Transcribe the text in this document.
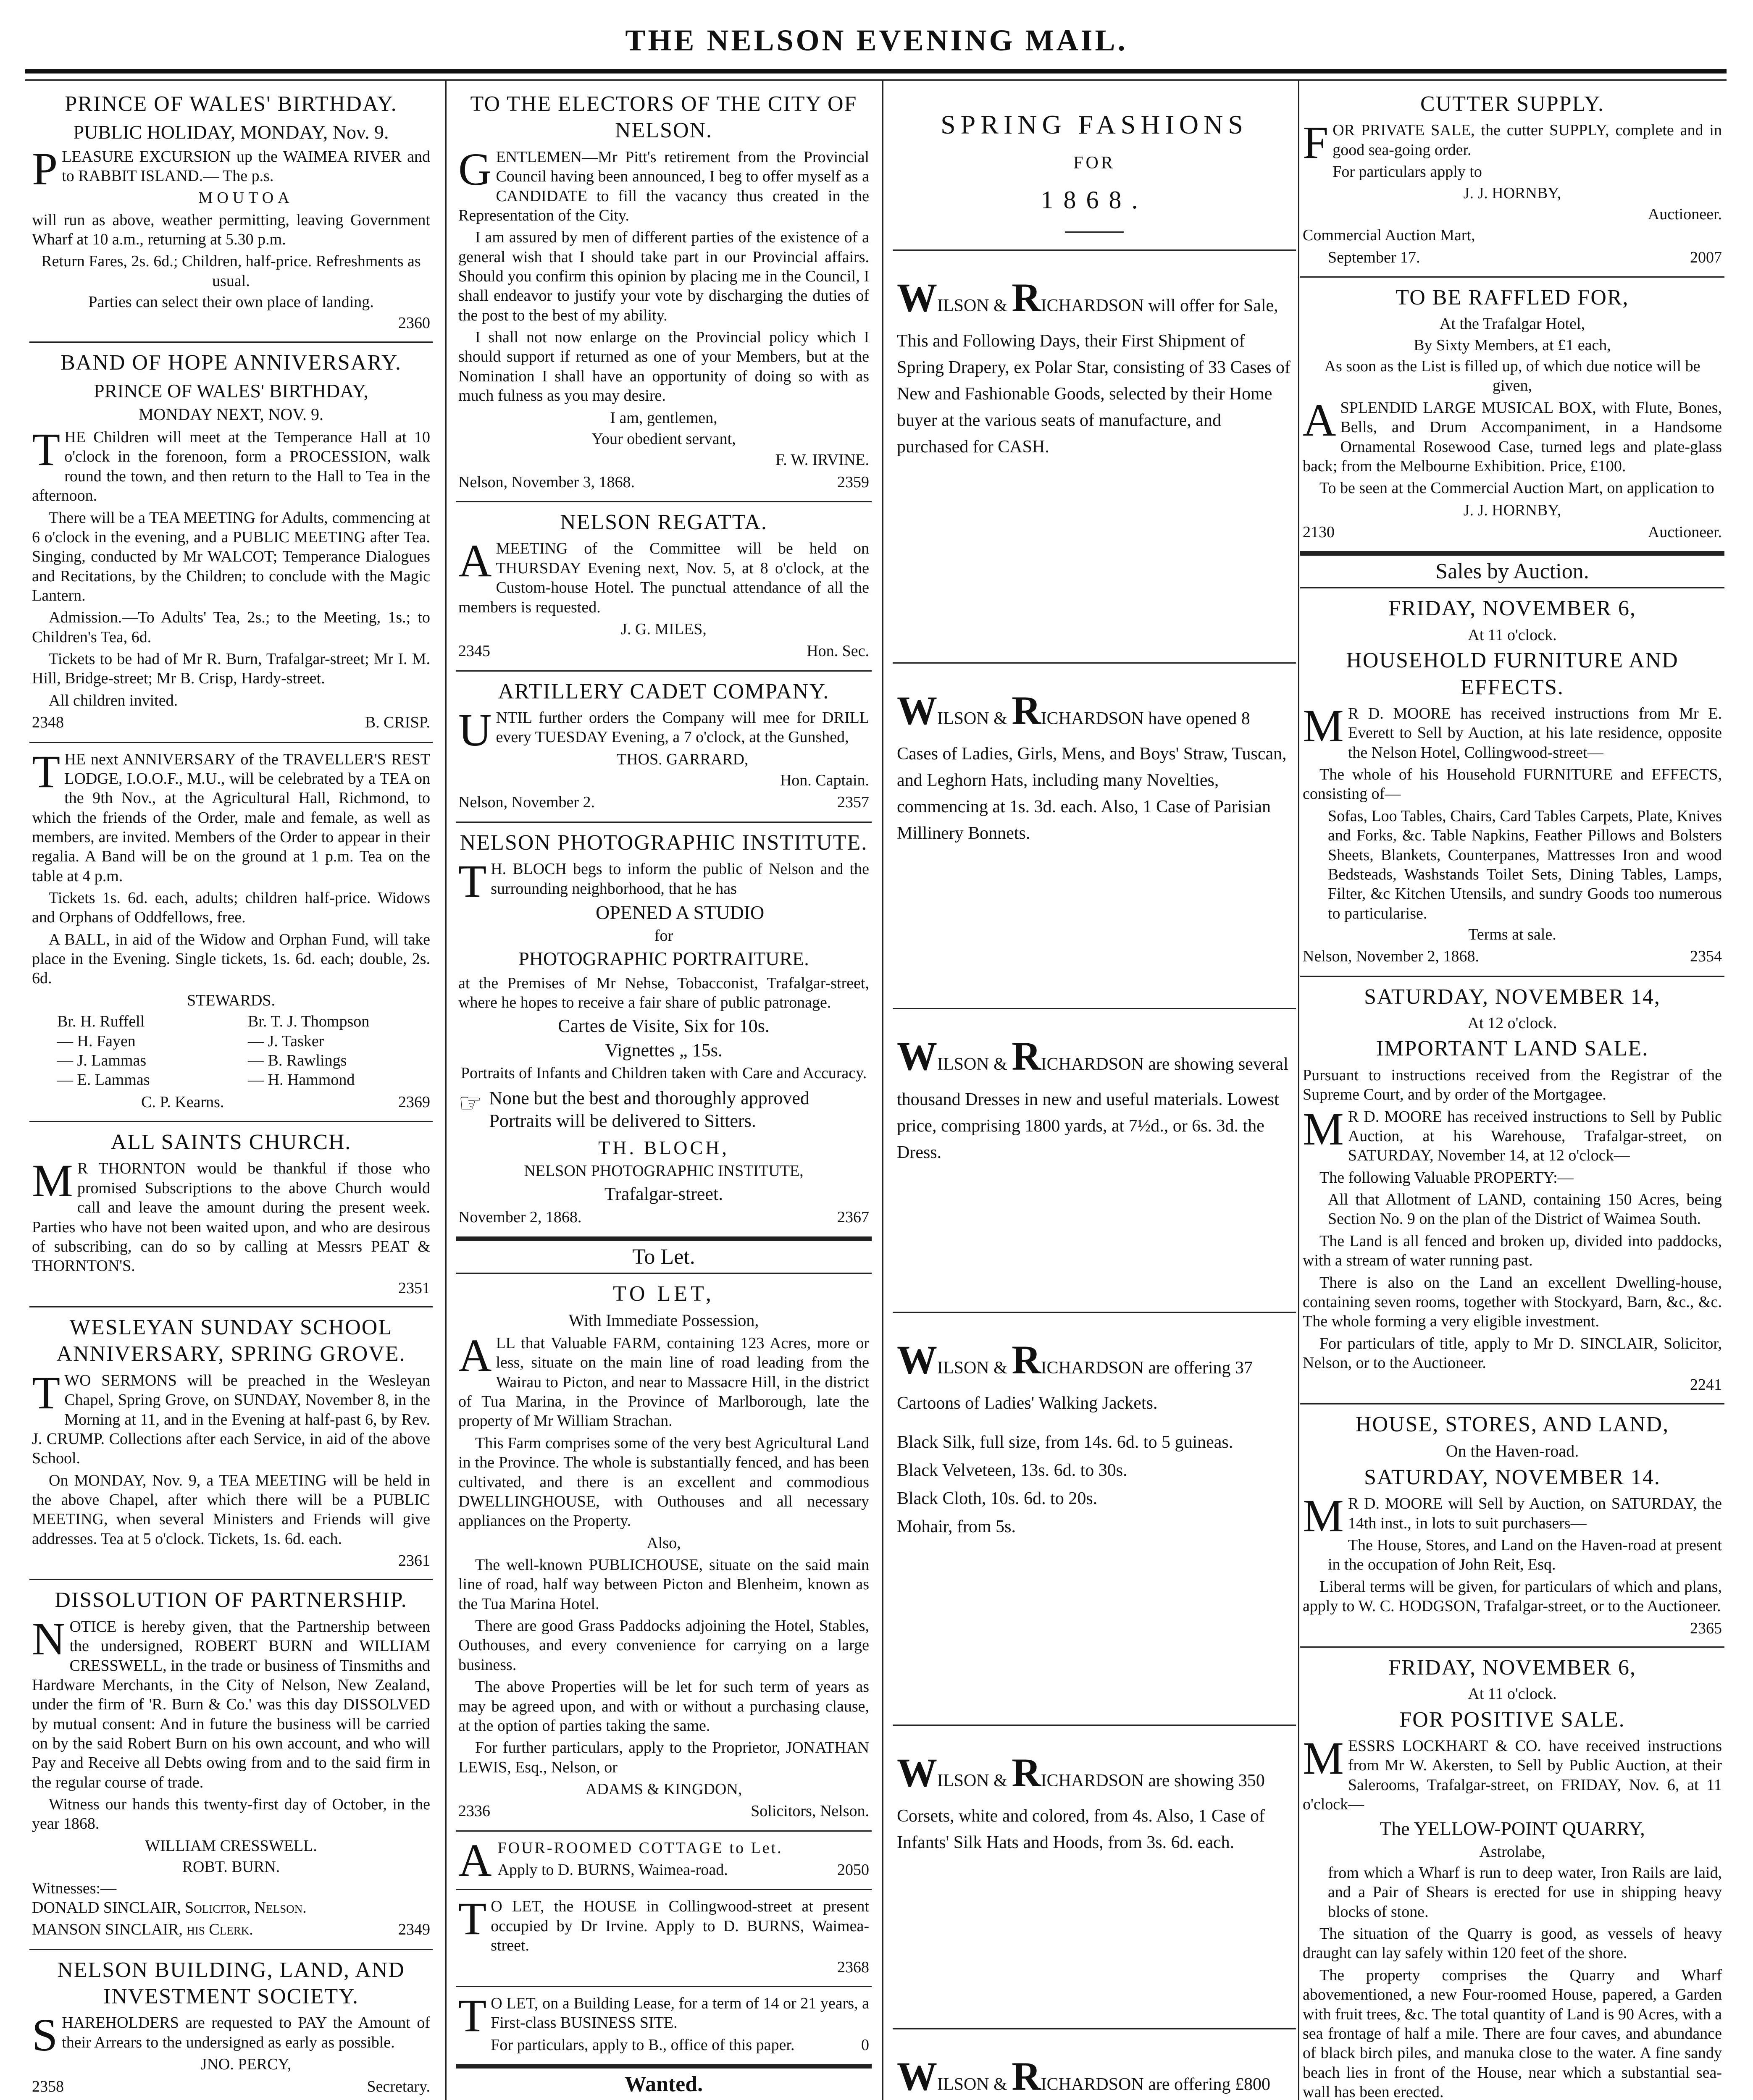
THE NELSON EVENING MAIL.
PRINCE OF WALES' BIRTHDAY.
PUBLIC HOLIDAY, MONDAY, Nov. 9.
PLEASURE EXCURSION up the WAIMEA RIVER and to RABBIT ISLAND.— The p.s.
MOUTOA
will run as above, weather permitting, leaving Government Wharf at 10 a.m., returning at 5.30 p.m.
Return Fares, 2s. 6d.; Children, half-price. Refreshments as usual.
Parties can select their own place of landing.
2360
BAND OF HOPE ANNIVERSARY.
PRINCE OF WALES' BIRTHDAY,
MONDAY NEXT, NOV. 9.
THE Children will meet at the Temperance Hall at 10 o'clock in the forenoon, form a PROCESSION, walk round the town, and then return to the Hall to Tea in the afternoon.
There will be a TEA MEETING for Adults, commencing at 6 o'clock in the evening, and a PUBLIC MEETING after Tea. Singing, conducted by Mr WALCOT; Temperance Dialogues and Recitations, by the Children; to conclude with the Magic Lantern.
Admission.—To Adults' Tea, 2s.; to the Meeting, 1s.; to Children's Tea, 6d.
Tickets to be had of Mr R. Burn, Trafalgar-street; Mr I. M. Hill, Bridge-street; Mr B. Crisp, Hardy-street.
All children invited.
2348	B. CRISP.
THE next ANNIVERSARY of the TRAVELLER'S REST LODGE, I.O.O.F., M.U., will be celebrated by a TEA on the 9th Nov., at the Agricultural Hall, Richmond, to which the friends of the Order, male and female, as well as members, are invited. Members of the Order to appear in their regalia. A Band will be on the ground at 1 p.m. Tea on the table at 4 p.m.
Tickets 1s. 6d. each, adults; children half-price. Widows and Orphans of Oddfellows, free.
A BALL, in aid of the Widow and Orphan Fund, will take place in the Evening. Single tickets, 1s. 6d. each; double, 2s. 6d.
STEWARDS.
Br. H. Ruffell	Br. T. J. Thompson
— H. Fayen	— J. Tasker
— J. Lammas	— B. Rawlings
— E. Lammas	— H. Hammond
C. P. Kearns.	2369
ALL SAINTS CHURCH.
MR THORNTON would be thankful if those who promised Subscriptions to the above Church would call and leave the amount during the present week. Parties who have not been waited upon, and who are desirous of subscribing, can do so by calling at Messrs PEAT & THORNTON'S.
2351
WESLEYAN SUNDAY SCHOOL ANNIVERSARY, SPRING GROVE.
TWO SERMONS will be preached in the Wesleyan Chapel, Spring Grove, on SUNDAY, November 8, in the Morning at 11, and in the Evening at half-past 6, by Rev. J. CRUMP. Collections after each Service, in aid of the above School.
On MONDAY, Nov. 9, a TEA MEETING will be held in the above Chapel, after which there will be a PUBLIC MEETING, when several Ministers and Friends will give addresses. Tea at 5 o'clock. Tickets, 1s. 6d. each.
2361
DISSOLUTION OF PARTNERSHIP.
NOTICE is hereby given, that the Partnership between the undersigned, ROBERT BURN and WILLIAM CRESSWELL, in the trade or business of Tinsmiths and Hardware Merchants, in the City of Nelson, New Zealand, under the firm of 'R. Burn & Co.' was this day DISSOLVED by mutual consent: And in future the business will be carried on by the said Robert Burn on his own account, and who will Pay and Receive all Debts owing from and to the said firm in the regular course of trade.
Witness our hands this twenty-first day of October, in the year 1868.
WILLIAM CRESSWELL.
ROBT. BURN.
Witnesses:—
DONALD SINCLAIR, Solicitor, Nelson.
MANSON SINCLAIR, his Clerk.	2349
NELSON BUILDING, LAND, AND INVESTMENT SOCIETY.
SHAREHOLDERS are requested to PAY the Amount of their Arrears to the undersigned as early as possible.
JNO. PERCY,
2358	Secretary.
TO THE ELECTORS OF THE CITY OF NELSON.
GENTLEMEN—Mr Pitt's retirement from the Provincial Council having been announced, I beg to offer myself as a CANDIDATE to fill the vacancy thus created in the Representation of the City.
I am assured by men of different parties of the existence of a general wish that I should take part in our Provincial affairs. Should you confirm this opinion by placing me in the Council, I shall endeavor to justify your vote by discharging the duties of the post to the best of my ability.
I shall not now enlarge on the Provincial policy which I should support if returned as one of your Members, but at the Nomination I shall have an opportunity of doing so with as much fulness as you may desire.
I am, gentlemen,
Your obedient servant,
F. W. IRVINE.
Nelson, November 3, 1868.	2359
NELSON REGATTA.
AMEETING of the Committee will be held on THURSDAY Evening next, Nov. 5, at 8 o'clock, at the Custom-house Hotel. The punctual attendance of all the members is requested.
J. G. MILES,
2345	Hon. Sec.
ARTILLERY CADET COMPANY.
UNTIL further orders the Company will mee for DRILL every TUESDAY Evening, a 7 o'clock, at the Gunshed,
THOS. GARRARD,
Hon. Captain.
Nelson, November 2.	2357
NELSON PHOTOGRAPHIC INSTITUTE.
TH. BLOCH begs to inform the public of Nelson and the surrounding neighborhood, that he has
OPENED A STUDIO
for
PHOTOGRAPHIC PORTRAITURE.
at the Premises of Mr Nehse, Tobacconist, Trafalgar-street, where he hopes to receive a fair share of public patronage.
Cartes de Visite, Six for 10s.
Vignettes „ 15s.
Portraits of Infants and Children taken with Care and Accuracy.
☞ None but the best and thoroughly approved Portraits will be delivered to Sitters.
TH. BLOCH,
NELSON PHOTOGRAPHIC INSTITUTE,
Trafalgar-street.
November 2, 1868.	2367
To Let.
TO LET,
With Immediate Possession,
ALL that Valuable FARM, containing 123 Acres, more or less, situate on the main line of road leading from the Wairau to Picton, and near to Massacre Hill, in the district of Tua Marina, in the Province of Marlborough, late the property of Mr William Strachan.
This Farm comprises some of the very best Agricultural Land in the Province. The whole is substantially fenced, and has been cultivated, and there is an excellent and commodious DWELLINGHOUSE, with Outhouses and all necessary appliances on the Property.
Also,
The well-known PUBLICHOUSE, situate on the said main line of road, half way between Picton and Blenheim, known as the Tua Marina Hotel.
There are good Grass Paddocks adjoining the Hotel, Stables, Outhouses, and every convenience for carrying on a large business.
The above Properties will be let for such term of years as may be agreed upon, and with or without a purchasing clause, at the option of parties taking the same.
For further particulars, apply to the Proprietor, JONATHAN LEWIS, Esq., Nelson, or
ADAMS & KINGDON,
2336	Solicitors, Nelson.
AFOUR-ROOMED COTTAGE to Let.
Apply to D. BURNS, Waimea-road.	2050
TO LET, the HOUSE in Collingwood-street at present occupied by Dr Irvine. Apply to D. BURNS, Waimea-street.
2368
TO LET, on a Building Lease, for a term of 14 or 21 years, a First-class BUSINESS SITE.
For particulars, apply to B., office of this paper.	0
Wanted.
SPRING FASHIONS
FOR
1868.
WILSON & RICHARDSON will offer for Sale, This and Following Days, their First Shipment of Spring Drapery, ex Polar Star, consisting of 33 Cases of New and Fashionable Goods, selected by their Home buyer at the various seats of manufacture, and purchased for CASH.
WILSON & RICHARDSON have opened 8 Cases of Ladies, Girls, Mens, and Boys' Straw, Tuscan, and Leghorn Hats, including many Novelties, commencing at 1s. 3d. each. Also, 1 Case of Parisian Millinery Bonnets.
WILSON & RICHARDSON are showing several thousand Dresses in new and useful materials. Lowest price, comprising 1800 yards, at 7½d., or 6s. 3d. the Dress.
WILSON & RICHARDSON are offering 37 Cartoons of Ladies' Walking Jackets.
Black Silk, full size, from 14s. 6d. to 5 guineas.
Black Velveteen, 13s. 6d. to 30s.
Black Cloth, 10s. 6d. to 20s.
Mohair, from 5s.
WILSON & RICHARDSON are showing 350 Corsets, white and colored, from 4s. Also, 1 Case of Infants' Silk Hats and Hoods, from 3s. 6d. each.
WILSON & RICHARDSON are offering £800
CUTTER SUPPLY.
FOR PRIVATE SALE, the cutter SUPPLY, complete and in good sea-going order.
For particulars apply to
J. J. HORNBY,
Auctioneer.
Commercial Auction Mart,
September 17.	2007
TO BE RAFFLED FOR,
At the Trafalgar Hotel,
By Sixty Members, at £1 each,
As soon as the List is filled up, of which due notice will be given,
ASPLENDID LARGE MUSICAL BOX, with Flute, Bones, Bells, and Drum Accompaniment, in a Handsome Ornamental Rosewood Case, turned legs and plate-glass back; from the Melbourne Exhibition. Price, £100.
To be seen at the Commercial Auction Mart, on application to
J. J. HORNBY,
2130	Auctioneer.
Sales by Auction.
FRIDAY, NOVEMBER 6,
At 11 o'clock.
HOUSEHOLD FURNITURE AND EFFECTS.
MR D. MOORE has received instructions from Mr E. Everett to Sell by Auction, at his late residence, opposite the Nelson Hotel, Collingwood-street—
The whole of his Household FURNITURE and EFFECTS, consisting of—
Sofas, Loo Tables, Chairs, Card Tables Carpets, Plate, Knives and Forks, &c. Table Napkins, Feather Pillows and Bolsters Sheets, Blankets, Counterpanes, Mattresses Iron and wood Bedsteads, Washstands Toilet Sets, Dining Tables, Lamps, Filter, &c Kitchen Utensils, and sundry Goods too numerous to particularise.
Terms at sale.
Nelson, November 2, 1868.	2354
SATURDAY, NOVEMBER 14,
At 12 o'clock.
IMPORTANT LAND SALE.
Pursuant to instructions received from the Registrar of the Supreme Court, and by order of the Mortgagee.
MR D. MOORE has received instructions to Sell by Public Auction, at his Warehouse, Trafalgar-street, on SATURDAY, November 14, at 12 o'clock—
The following Valuable PROPERTY:—
All that Allotment of LAND, containing 150 Acres, being Section No. 9 on the plan of the District of Waimea South.
The Land is all fenced and broken up, divided into paddocks, with a stream of water running past.
There is also on the Land an excellent Dwelling-house, containing seven rooms, together with Stockyard, Barn, &c., &c. The whole forming a very eligible investment.
For particulars of title, apply to Mr D. SINCLAIR, Solicitor, Nelson, or to the Auctioneer.
2241
HOUSE, STORES, AND LAND,
On the Haven-road.
SATURDAY, NOVEMBER 14.
MR D. MOORE will Sell by Auction, on SATURDAY, the 14th inst., in lots to suit purchasers—
The House, Stores, and Land on the Haven-road at present in the occupation of John Reit, Esq.
Liberal terms will be given, for particulars of which and plans, apply to W. C. HODGSON, Trafalgar-street, or to the Auctioneer.
2365
FRIDAY, NOVEMBER 6,
At 11 o'clock.
FOR POSITIVE SALE.
MESSRS LOCKHART & CO. have received instructions from Mr W. Akersten, to Sell by Public Auction, at their Salerooms, Trafalgar-street, on FRIDAY, Nov. 6, at 11 o'clock—
The YELLOW-POINT QUARRY,
Astrolabe,
from which a Wharf is run to deep water, Iron Rails are laid, and a Pair of Shears is erected for use in shipping heavy blocks of stone.
The situation of the Quarry is good, as vessels of heavy draught can lay safely within 120 feet of the shore.
The property comprises the Quarry and Wharf abovementioned, a new Four-roomed House, papered, a Garden with fruit trees, &c. The total quantity of Land is 90 Acres, with a sea frontage of half a mile. There are four caves, and abundance of black birch piles, and manuka close to the water. A fine sandy beach lies in front of the House, near which a substantial sea-wall has been erected.
